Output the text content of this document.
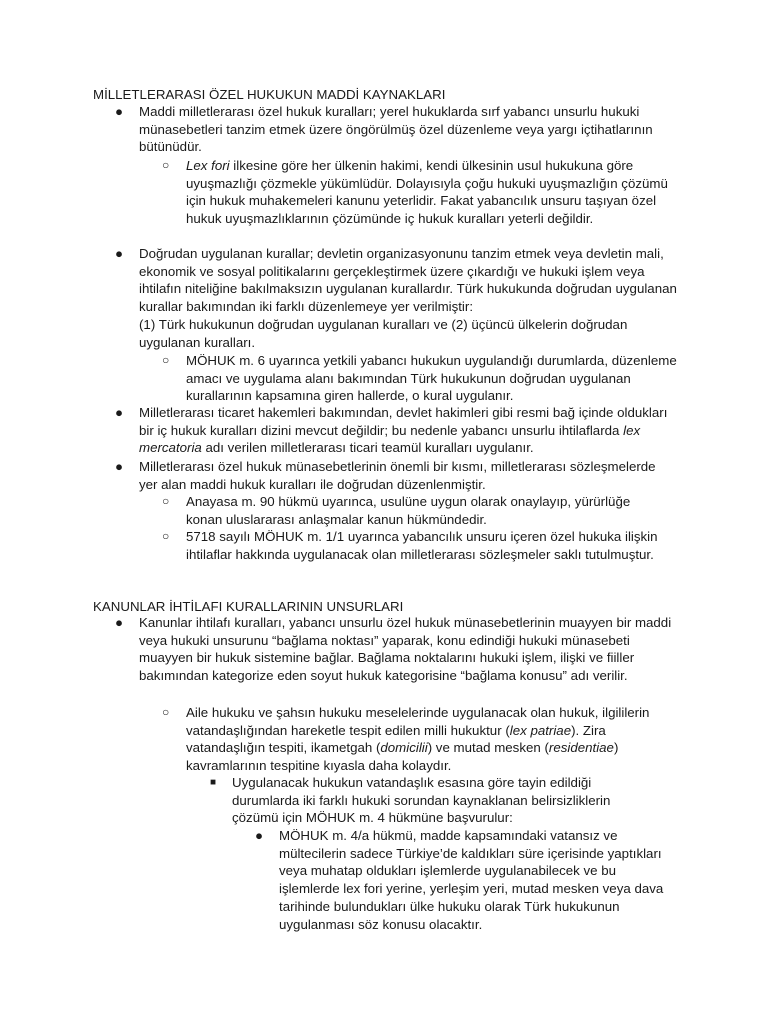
MİLLETLERARASI ÖZEL HUKUKUN MADDİ KAYNAKLARI
● Maddi milletlerarası özel hukuk kuralları; yerel hukuklarda sırf yabancı unsurlu hukuki münasebetleri tanzim etmek üzere öngörülmüş özel düzenleme veya yargı içtihatlarının bütünüdür.
○ Lex fori ilkesine göre her ülkenin hakimi, kendi ülkesinin usul hukukuna göre uyuşmazlığı çözmekle yükümlüdür. Dolayısıyla çoğu hukuki uyuşmazlığın çözümü için hukuk muhakemeleri kanunu yeterlidir. Fakat yabancılık unsuru taşıyan özel hukuk uyuşmazlıklarının çözümünde iç hukuk kuralları yeterli değildir.
● Doğrudan uygulanan kurallar; devletin organizasyonunu tanzim etmek veya devletin mali, ekonomik ve sosyal politikalarını gerçekleştirmek üzere çıkardığı ve hukuki işlem veya ihtilafın niteliğine bakılmaksızın uygulanan kurallardır. Türk hukukunda doğrudan uygulanan kurallar bakımından iki farklı düzenlemeye yer verilmiştir:
(1) Türk hukukunun doğrudan uygulanan kuralları ve (2) üçüncü ülkelerin doğrudan uygulanan kuralları.
○ MÖHUK m. 6 uyarınca yetkili yabancı hukukun uygulandığı durumlarda, düzenleme amacı ve uygulama alanı bakımından Türk hukukunun doğrudan uygulanan kurallarının kapsamına giren hallerde, o kural uygulanır.
● Milletlerarası ticaret hakemleri bakımından, devlet hakimleri gibi resmi bağ içinde oldukları bir iç hukuk kuralları dizini mevcut değildir; bu nedenle yabancı unsurlu ihtilaflarda lex mercatoria adı verilen milletlerarası ticari teamül kuralları uygulanır.
● Milletlerarası özel hukuk münasebetlerinin önemli bir kısmı, milletlerarası sözleşmelerde yer alan maddi hukuk kuralları ile doğrudan düzenlenmiştir.
○ Anayasa m. 90 hükmü uyarınca, usulüne uygun olarak onaylayıp, yürürlüğe konan uluslararası anlaşmalar kanun hükmündedir.
○ 5718 sayılı MÖHUK m. 1/1 uyarınca yabancılık unsuru içeren özel hukuka ilişkin ihtilaflar hakkında uygulanacak olan milletlerarası sözleşmeler saklı tutulmuştur.
KANUNLAR İHTİLAFI KURALLARININ UNSURLARI
● Kanunlar ihtilafı kuralları, yabancı unsurlu özel hukuk münasebetlerinin muayyen bir maddi veya hukuki unsurunu “bağlama noktası” yaparak, konu edindiği hukuki münasebeti muayyen bir hukuk sistemine bağlar. Bağlama noktalarını hukuki işlem, ilişki ve fiiller bakımından kategorize eden soyut hukuk kategorisine “bağlama konusu” adı verilir.
○ Aile hukuku ve şahsın hukuku meselelerinde uygulanacak olan hukuk, ilgililerin vatandaşlığından hareketle tespit edilen milli hukuktur (lex patriae). Zira vatandaşlığın tespiti, ikametgah (domicilii) ve mutad mesken (residentiae) kavramlarının tespitine kıyasla daha kolaydır.
■ Uygulanacak hukukun vatandaşlık esasına göre tayin edildiği durumlarda iki farklı hukuki sorundan kaynaklanan belirsizliklerin çözümü için MÖHUK m. 4 hükmüne başvurulur:
● MÖHUK m. 4/a hükmü, madde kapsamındaki vatansız ve mültecilerin sadece Türkiye’de kaldıkları süre içerisinde yaptıkları veya muhatap oldukları işlemlerde uygulanabilecek ve bu işlemlerde lex fori yerine, yerleşim yeri, mutad mesken veya dava tarihinde bulundukları ülke hukuku olarak Türk hukukunun uygulanması söz konusu olacaktır.
